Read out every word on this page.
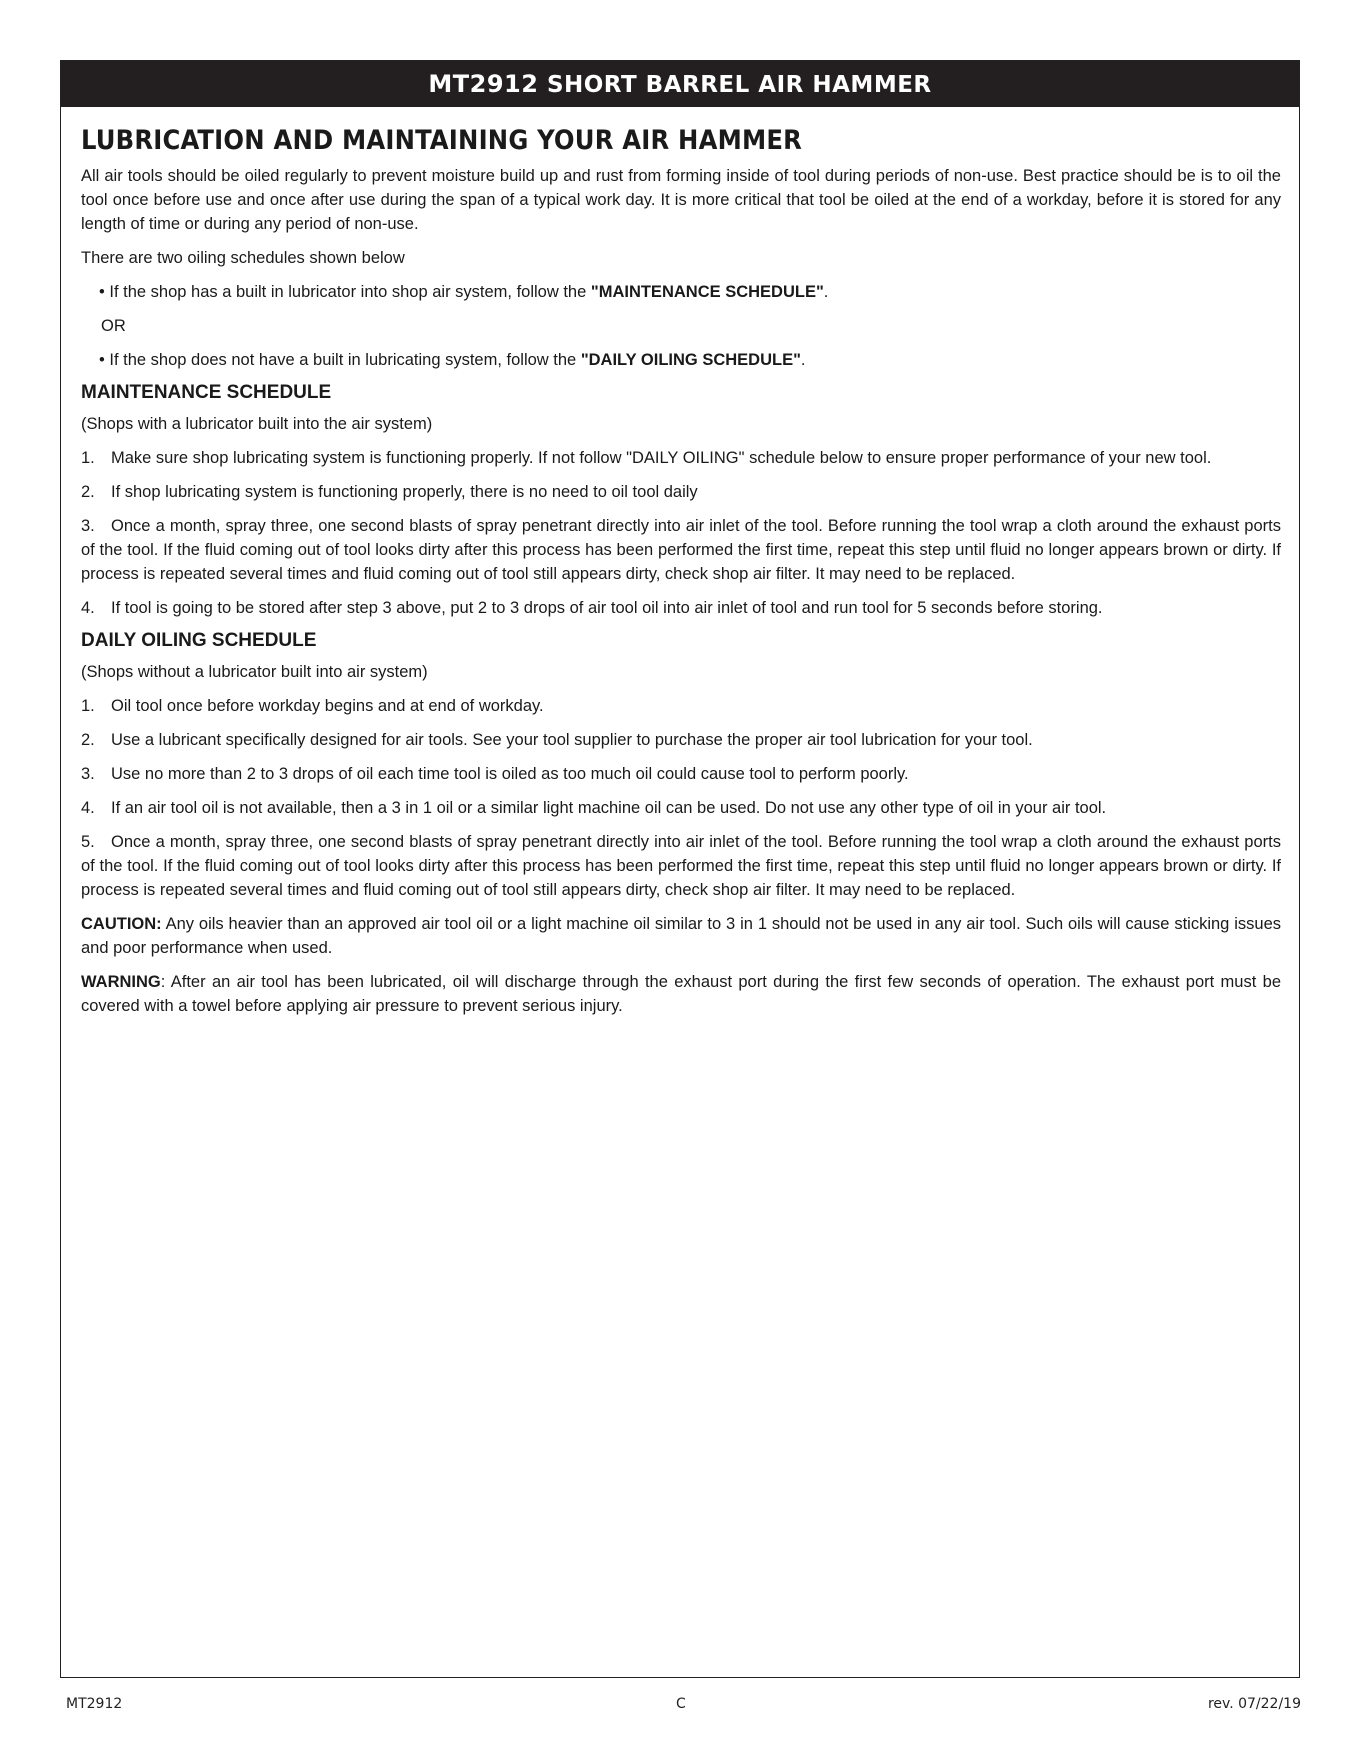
MT2912 SHORT BARREL AIR HAMMER
LUBRICATION AND MAINTAINING YOUR AIR HAMMER

All air tools should be oiled regularly to prevent moisture build up and rust from forming inside of tool during periods of non-use. Best practice should be is to oil the tool once before use and once after use during the span of a typical work day. It is more critical that tool be oiled at the end of a workday, before it is stored for any length of time or during any period of non-use.

There are two oiling schedules shown below

• If the shop has a built in lubricator into shop air system, follow the "MAINTENANCE SCHEDULE".

OR

• If the shop does not have a built in lubricating system, follow the "DAILY OILING SCHEDULE".

MAINTENANCE SCHEDULE

(Shops with a lubricator built into the air system)

1. Make sure shop lubricating system is functioning properly. If not follow "DAILY OILING" schedule below to ensure proper performance of your new tool.

2. If shop lubricating system is functioning properly, there is no need to oil tool daily

3. Once a month, spray three, one second blasts of spray penetrant directly into air inlet of the tool. Before running the tool wrap a cloth around the exhaust ports of the tool. If the fluid coming out of tool looks dirty after this process has been performed the first time, repeat this step until fluid no longer appears brown or dirty. If process is repeated several times and fluid coming out of tool still appears dirty, check shop air filter. It may need to be replaced.

4. If tool is going to be stored after step 3 above, put 2 to 3 drops of air tool oil into air inlet of tool and run tool for 5 seconds before storing.

DAILY OILING SCHEDULE

(Shops without a lubricator built into air system)

1. Oil tool once before workday begins and at end of workday.

2. Use a lubricant specifically designed for air tools. See your tool supplier to purchase the proper air tool lubrication for your tool.

3. Use no more than 2 to 3 drops of oil each time tool is oiled as too much oil could cause tool to perform poorly.

4. If an air tool oil is not available, then a 3 in 1 oil or a similar light machine oil can be used. Do not use any other type of oil in your air tool.

5. Once a month, spray three, one second blasts of spray penetrant directly into air inlet of the tool. Before running the tool wrap a cloth around the exhaust ports of the tool. If the fluid coming out of tool looks dirty after this process has been performed the first time, repeat this step until fluid no longer appears brown or dirty. If process is repeated several times and fluid coming out of tool still appears dirty, check shop air filter. It may need to be replaced.

CAUTION: Any oils heavier than an approved air tool oil or a light machine oil similar to 3 in 1 should not be used in any air tool. Such oils will cause sticking issues and poor performance when used.

WARNING: After an air tool has been lubricated, oil will discharge through the exhaust port during the first few seconds of operation. The exhaust port must be covered with a towel before applying air pressure to prevent serious injury.

MT2912	C	rev. 07/22/19
